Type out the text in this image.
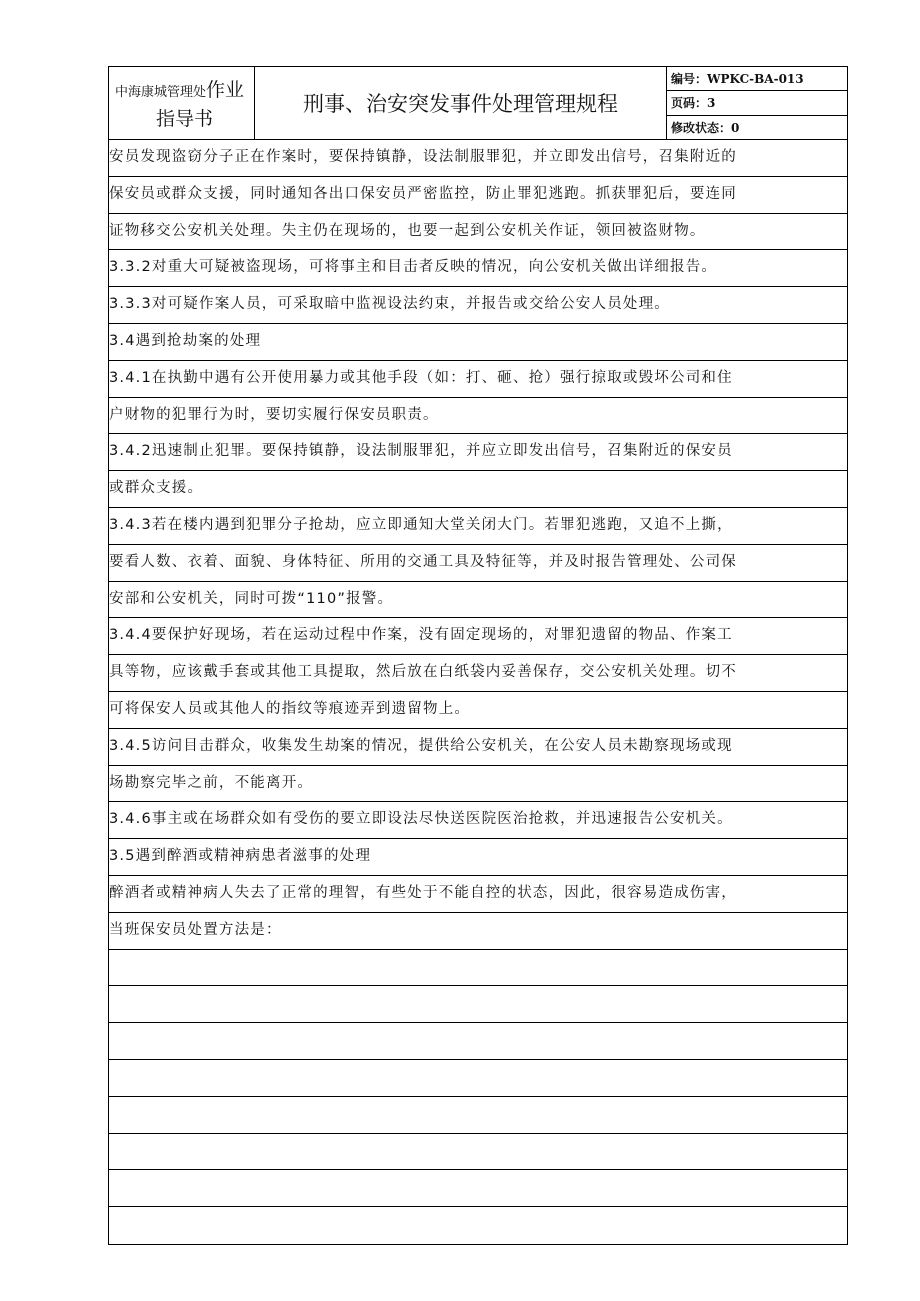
中海康城管理处作业
指导书
刑事、治安突发事件处理管理规程
编号：WPKC-BA-013
页码：3
修改状态：0
安员发现盗窃分子正在作案时，要保持镇静，设法制服罪犯，并立即发出信号，召集附近的
保安员或群众支援，同时通知各出口保安员严密监控，防止罪犯逃跑。抓获罪犯后，要连同
证物移交公安机关处理。失主仍在现场的，也要一起到公安机关作证，领回被盗财物。
3.3.2对重大可疑被盗现场，可将事主和目击者反映的情况，向公安机关做出详细报告。
3.3.3对可疑作案人员，可采取暗中监视设法约束，并报告或交给公安人员处理。
3.4遇到抢劫案的处理
3.4.1在执勤中遇有公开使用暴力或其他手段（如：打、砸、抢）强行掠取或毁坏公司和住
户财物的犯罪行为时，要切实履行保安员职责。
3.4.2迅速制止犯罪。要保持镇静，设法制服罪犯，并应立即发出信号，召集附近的保安员
或群众支援。
3.4.3若在楼内遇到犯罪分子抢劫，应立即通知大堂关闭大门。若罪犯逃跑，又追不上撕，
要看人数、衣着、面貌、身体特征、所用的交通工具及特征等，并及时报告管理处、公司保
安部和公安机关，同时可拨“110”报警。
3.4.4要保护好现场，若在运动过程中作案，没有固定现场的，对罪犯遗留的物品、作案工
具等物，应该戴手套或其他工具提取，然后放在白纸袋内妥善保存，交公安机关处理。切不
可将保安人员或其他人的指纹等痕迹弄到遗留物上。
3.4.5访问目击群众，收集发生劫案的情况，提供给公安机关，在公安人员未勘察现场或现
场勘察完毕之前，不能离开。
3.4.6事主或在场群众如有受伤的要立即设法尽快送医院医治抢救，并迅速报告公安机关。
3.5遇到醉酒或精神病患者滋事的处理
醉酒者或精神病人失去了正常的理智，有些处于不能自控的状态，因此，很容易造成伤害，
当班保安员处置方法是：
